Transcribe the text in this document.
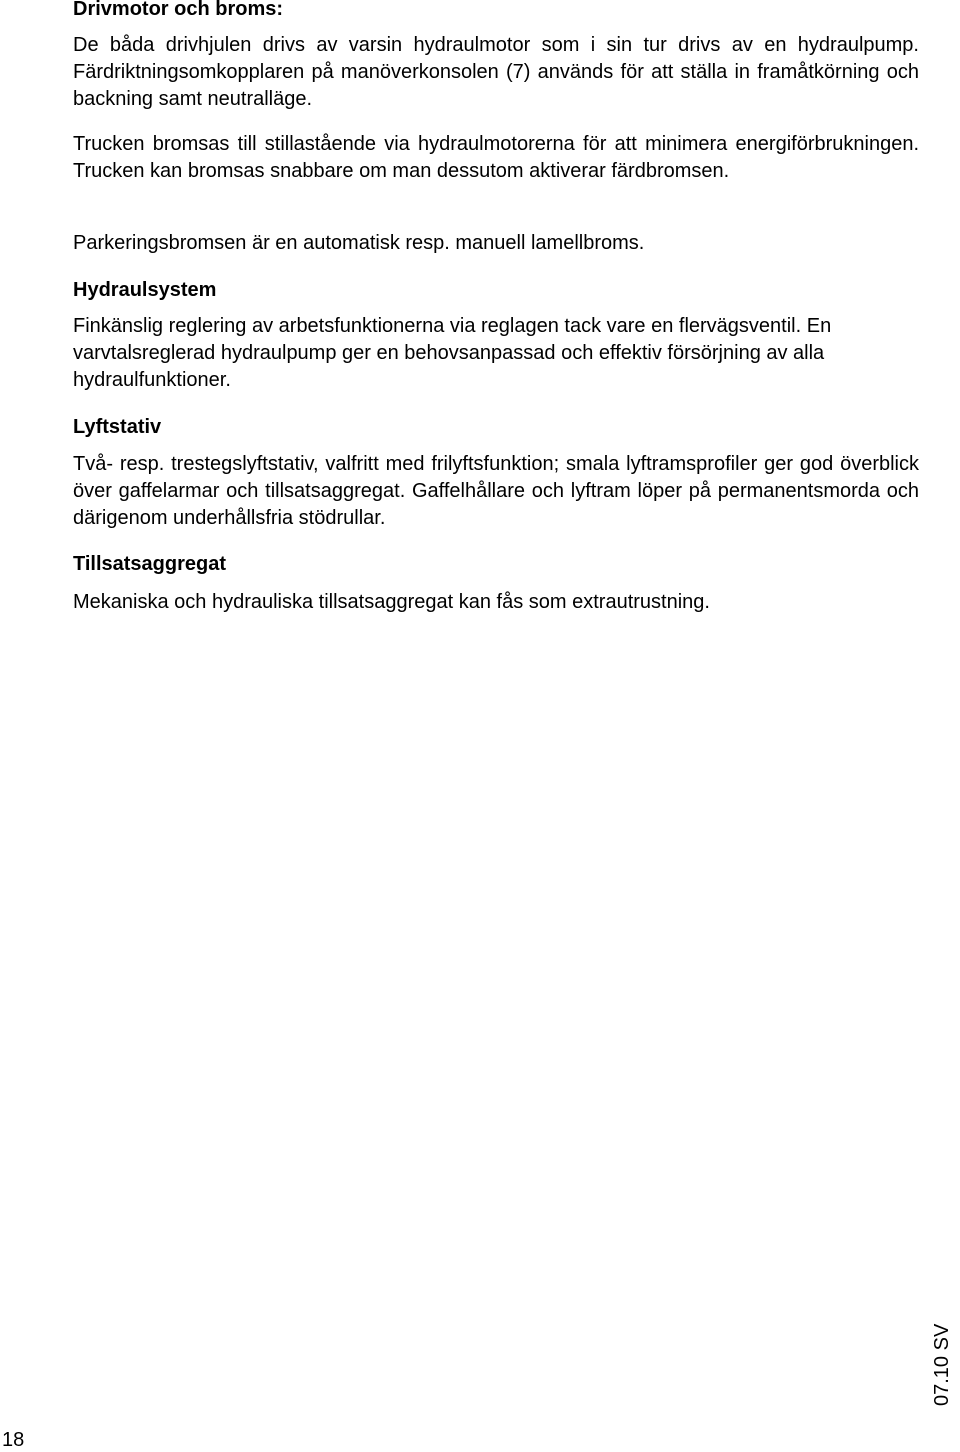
Drivmotor och broms:

De båda drivhjulen drivs av varsin hydraulmotor som i sin tur drivs av en hydraulpump. Färdriktningsomkopplaren på manöverkonsolen (7) används för att ställa in framåtkörning och backning samt neutralläge.

Trucken bromsas till stillastående via hydraulmotorerna för att minimera energiförbrukningen. Trucken kan bromsas snabbare om man dessutom aktiverar färdbromsen.

Parkeringsbromsen är en automatisk resp. manuell lamellbroms.

Hydraulsystem

Finkänslig reglering av arbetsfunktionerna via reglagen tack vare en flervägsventil. En varvtalsreglerad hydraulpump ger en behovsanpassad och effektiv försörjning av alla hydraulfunktioner.

Lyftstativ

Två- resp. trestegslyftstativ, valfritt med frilyftsfunktion; smala lyftramsprofiler ger god överblick över gaffelarmar och tillsatsaggregat. Gaffelhållare och lyftram löper på permanentsmorda och därigenom underhållsfria stödrullar.

Tillsatsaggregat

Mekaniska och hydrauliska tillsatsaggregat kan fås som extrautrustning.

18
07.10 SV
